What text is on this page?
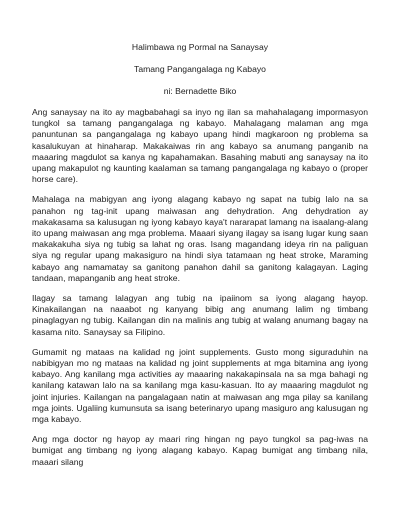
Halimbawa ng Pormal na Sanaysay

Tamang Pangangalaga ng Kabayo

ni: Bernadette Biko

Ang sanaysay na ito ay magbabahagi sa inyo ng ilan sa mahahalagang impormasyon tungkol sa tamang pangangalaga ng kabayo. Mahalagang malaman ang mga panuntunan sa pangangalaga ng kabayo upang hindi magkaroon ng problema sa kasalukuyan at hinaharap. Makakaiwas rin ang kabayo sa anumang panganib na maaaring magdulot sa kanya ng kapahamakan. Basahing mabuti ang sanaysay na ito upang makapulot ng kaunting kaalaman sa tamang pangangalaga ng kabayo o (proper horse care).

Mahalaga na mabigyan ang iyong alagang kabayo ng sapat na tubig lalo na sa panahon ng tag-init upang maiwasan ang dehydration. Ang dehydration ay makakasama sa kalusugan ng iyong kabayo kaya't nararapat lamang na isaalang-alang ito upang maiwasan ang mga problema. Maaari siyang ilagay sa isang lugar kung saan makakakuha siya ng tubig sa lahat ng oras. Isang magandang ideya rin na paliguan siya ng regular upang makasiguro na hindi siya tatamaan ng heat stroke, Maraming kabayo ang namamatay sa ganitong panahon dahil sa ganitong kalagayan. Laging tandaan, mapanganib ang heat stroke.

Ilagay sa tamang lalagyan ang tubig na ipaiinom sa iyong alagang hayop. Kinakailangan na naaabot ng kanyang bibig ang anumang lalim ng timbang pinaglagyan ng tubig. Kailangan din na malinis ang tubig at walang anumang bagay na kasama nito. Sanaysay sa Filipino.

Gumamit ng mataas na kalidad ng joint supplements. Gusto mong siguraduhin na nabibigyan mo ng mataas na kalidad ng joint supplements at mga bitamina ang iyong kabayo. Ang kanilang mga activities ay maaaring nakakapinsala na sa mga bahagi ng kanilang katawan lalo na sa kanilang mga kasu-kasuan. Ito ay maaaring magdulot ng joint injuries. Kailangan na pangalagaan natin at maiwasan ang mga pilay sa kanilang mga joints. Ugaliing kumunsuta sa isang beterinaryo upang masiguro ang kalusugan ng mga kabayo.

Ang mga doctor ng hayop ay maari ring hingan ng payo tungkol sa pag-iwas na bumigat ang timbang ng iyong alagang kabayo. Kapag bumigat ang timbang nila, maaari silang
